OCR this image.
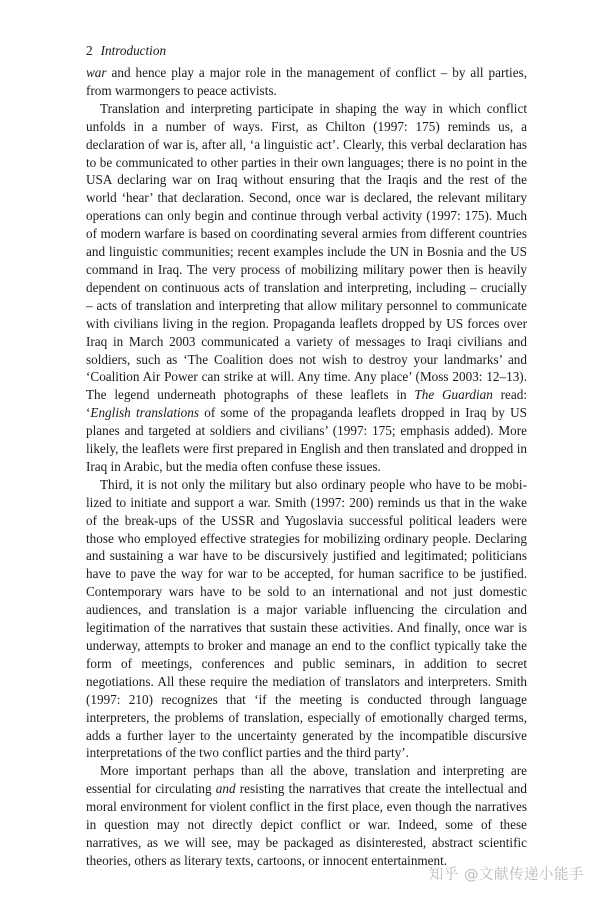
2 Introduction

war and hence play a major role in the management of conflict – by all parties, from warmongers to peace activists.

Translation and interpreting participate in shaping the way in which conflict unfolds in a number of ways. First, as Chilton (1997: 175) reminds us, a declaration of war is, after all, ‘a linguistic act’. Clearly, this verbal declaration has to be communicated to other parties in their own languages; there is no point in the USA declaring war on Iraq without ensuring that the Iraqis and the rest of the world ‘hear’ that declaration. Second, once war is declared, the relevant military operations can only begin and continue through verbal activity (1997: 175). Much of modern warfare is based on coordinating several armies from different countries and linguistic communities; recent examples include the UN in Bosnia and the US command in Iraq. The very process of mobilizing military power then is heavily dependent on continuous acts of translation and interpreting, including – crucially – acts of translation and interpreting that allow military personnel to communicate with civilians living in the region. Propaganda leaflets dropped by US forces over Iraq in March 2003 communicated a variety of messages to Iraqi civilians and soldiers, such as ‘The Coalition does not wish to destroy your landmarks’ and ‘Coalition Air Power can strike at will. Any time. Any place’ (Moss 2003: 12–13). The legend underneath photographs of these leaflets in The Guardian read: ‘English translations of some of the propaganda leaflets dropped in Iraq by US planes and targeted at soldiers and civilians’ (1997: 175; emphasis added). More likely, the leaflets were first prepared in English and then translated and dropped in Iraq in Arabic, but the media often confuse these issues.

Third, it is not only the military but also ordinary people who have to be mobilized to initiate and support a war. Smith (1997: 200) reminds us that in the wake of the break-ups of the USSR and Yugoslavia successful political leaders were those who employed effective strategies for mobilizing ordinary people. Declaring and sustaining a war have to be discursively justified and legitimated; politicians have to pave the way for war to be accepted, for human sacrifice to be justified. Contemporary wars have to be sold to an international and not just domestic audiences, and translation is a major variable influencing the circulation and legitimation of the narratives that sustain these activities. And finally, once war is underway, attempts to broker and manage an end to the conflict typically take the form of meetings, conferences and public seminars, in addition to secret negotiations. All these require the mediation of translators and interpreters. Smith (1997: 210) recognizes that ‘if the meeting is conducted through language interpreters, the problems of translation, especially of emotionally charged terms, adds a further layer to the uncertainty generated by the incompatible discursive interpretations of the two conflict parties and the third party’.

More important perhaps than all the above, translation and interpreting are essential for circulating and resisting the narratives that create the intellectual and moral environment for violent conflict in the first place, even though the narratives in question may not directly depict conflict or war. Indeed, some of these narratives, as we will see, may be packaged as disinterested, abstract scientific theories, others as literary texts, cartoons, or innocent entertainment.

知乎 @文献传递小能手
